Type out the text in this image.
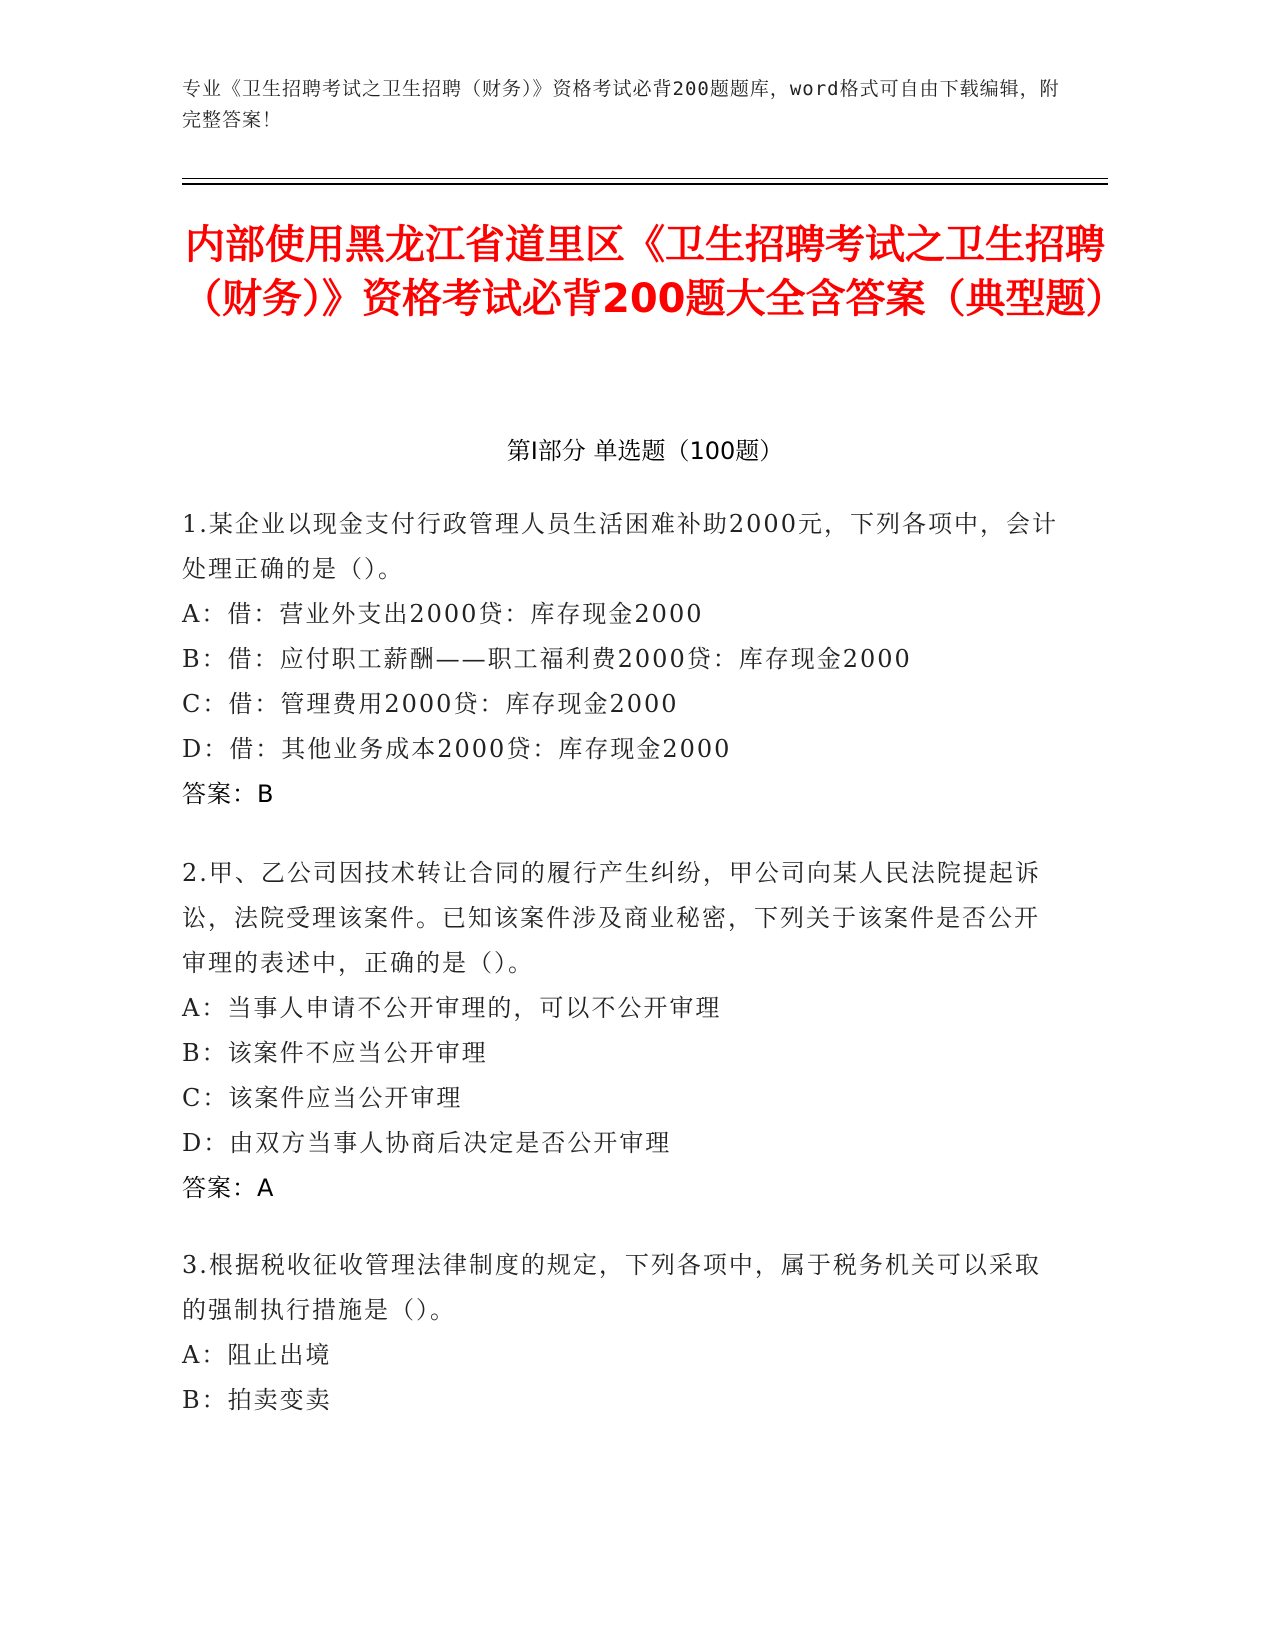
专业《卫生招聘考试之卫生招聘（财务）》资格考试必背200题题库，word格式可自由下载编辑，附完整答案！
内部使用黑龙江省道里区《卫生招聘考试之卫生招聘（财务）》资格考试必背200题大全含答案（典型题）
第Ⅰ部分 单选题（100题）
1.某企业以现金支付行政管理人员生活困难补助2000元，下列各项中，会计处理正确的是（）。
A：借：营业外支出2000贷：库存现金2000
B：借：应付职工薪酬——职工福利费2000贷：库存现金2000
C：借：管理费用2000贷：库存现金2000
D：借：其他业务成本2000贷：库存现金2000
答案：B
2.甲、乙公司因技术转让合同的履行产生纠纷，甲公司向某人民法院提起诉讼，法院受理该案件。已知该案件涉及商业秘密，下列关于该案件是否公开审理的表述中，正确的是（）。
A：当事人申请不公开审理的，可以不公开审理
B：该案件不应当公开审理
C：该案件应当公开审理
D：由双方当事人协商后决定是否公开审理
答案：A
3.根据税收征收管理法律制度的规定，下列各项中，属于税务机关可以采取的强制执行措施是（）。
A：阻止出境
B：拍卖变卖
